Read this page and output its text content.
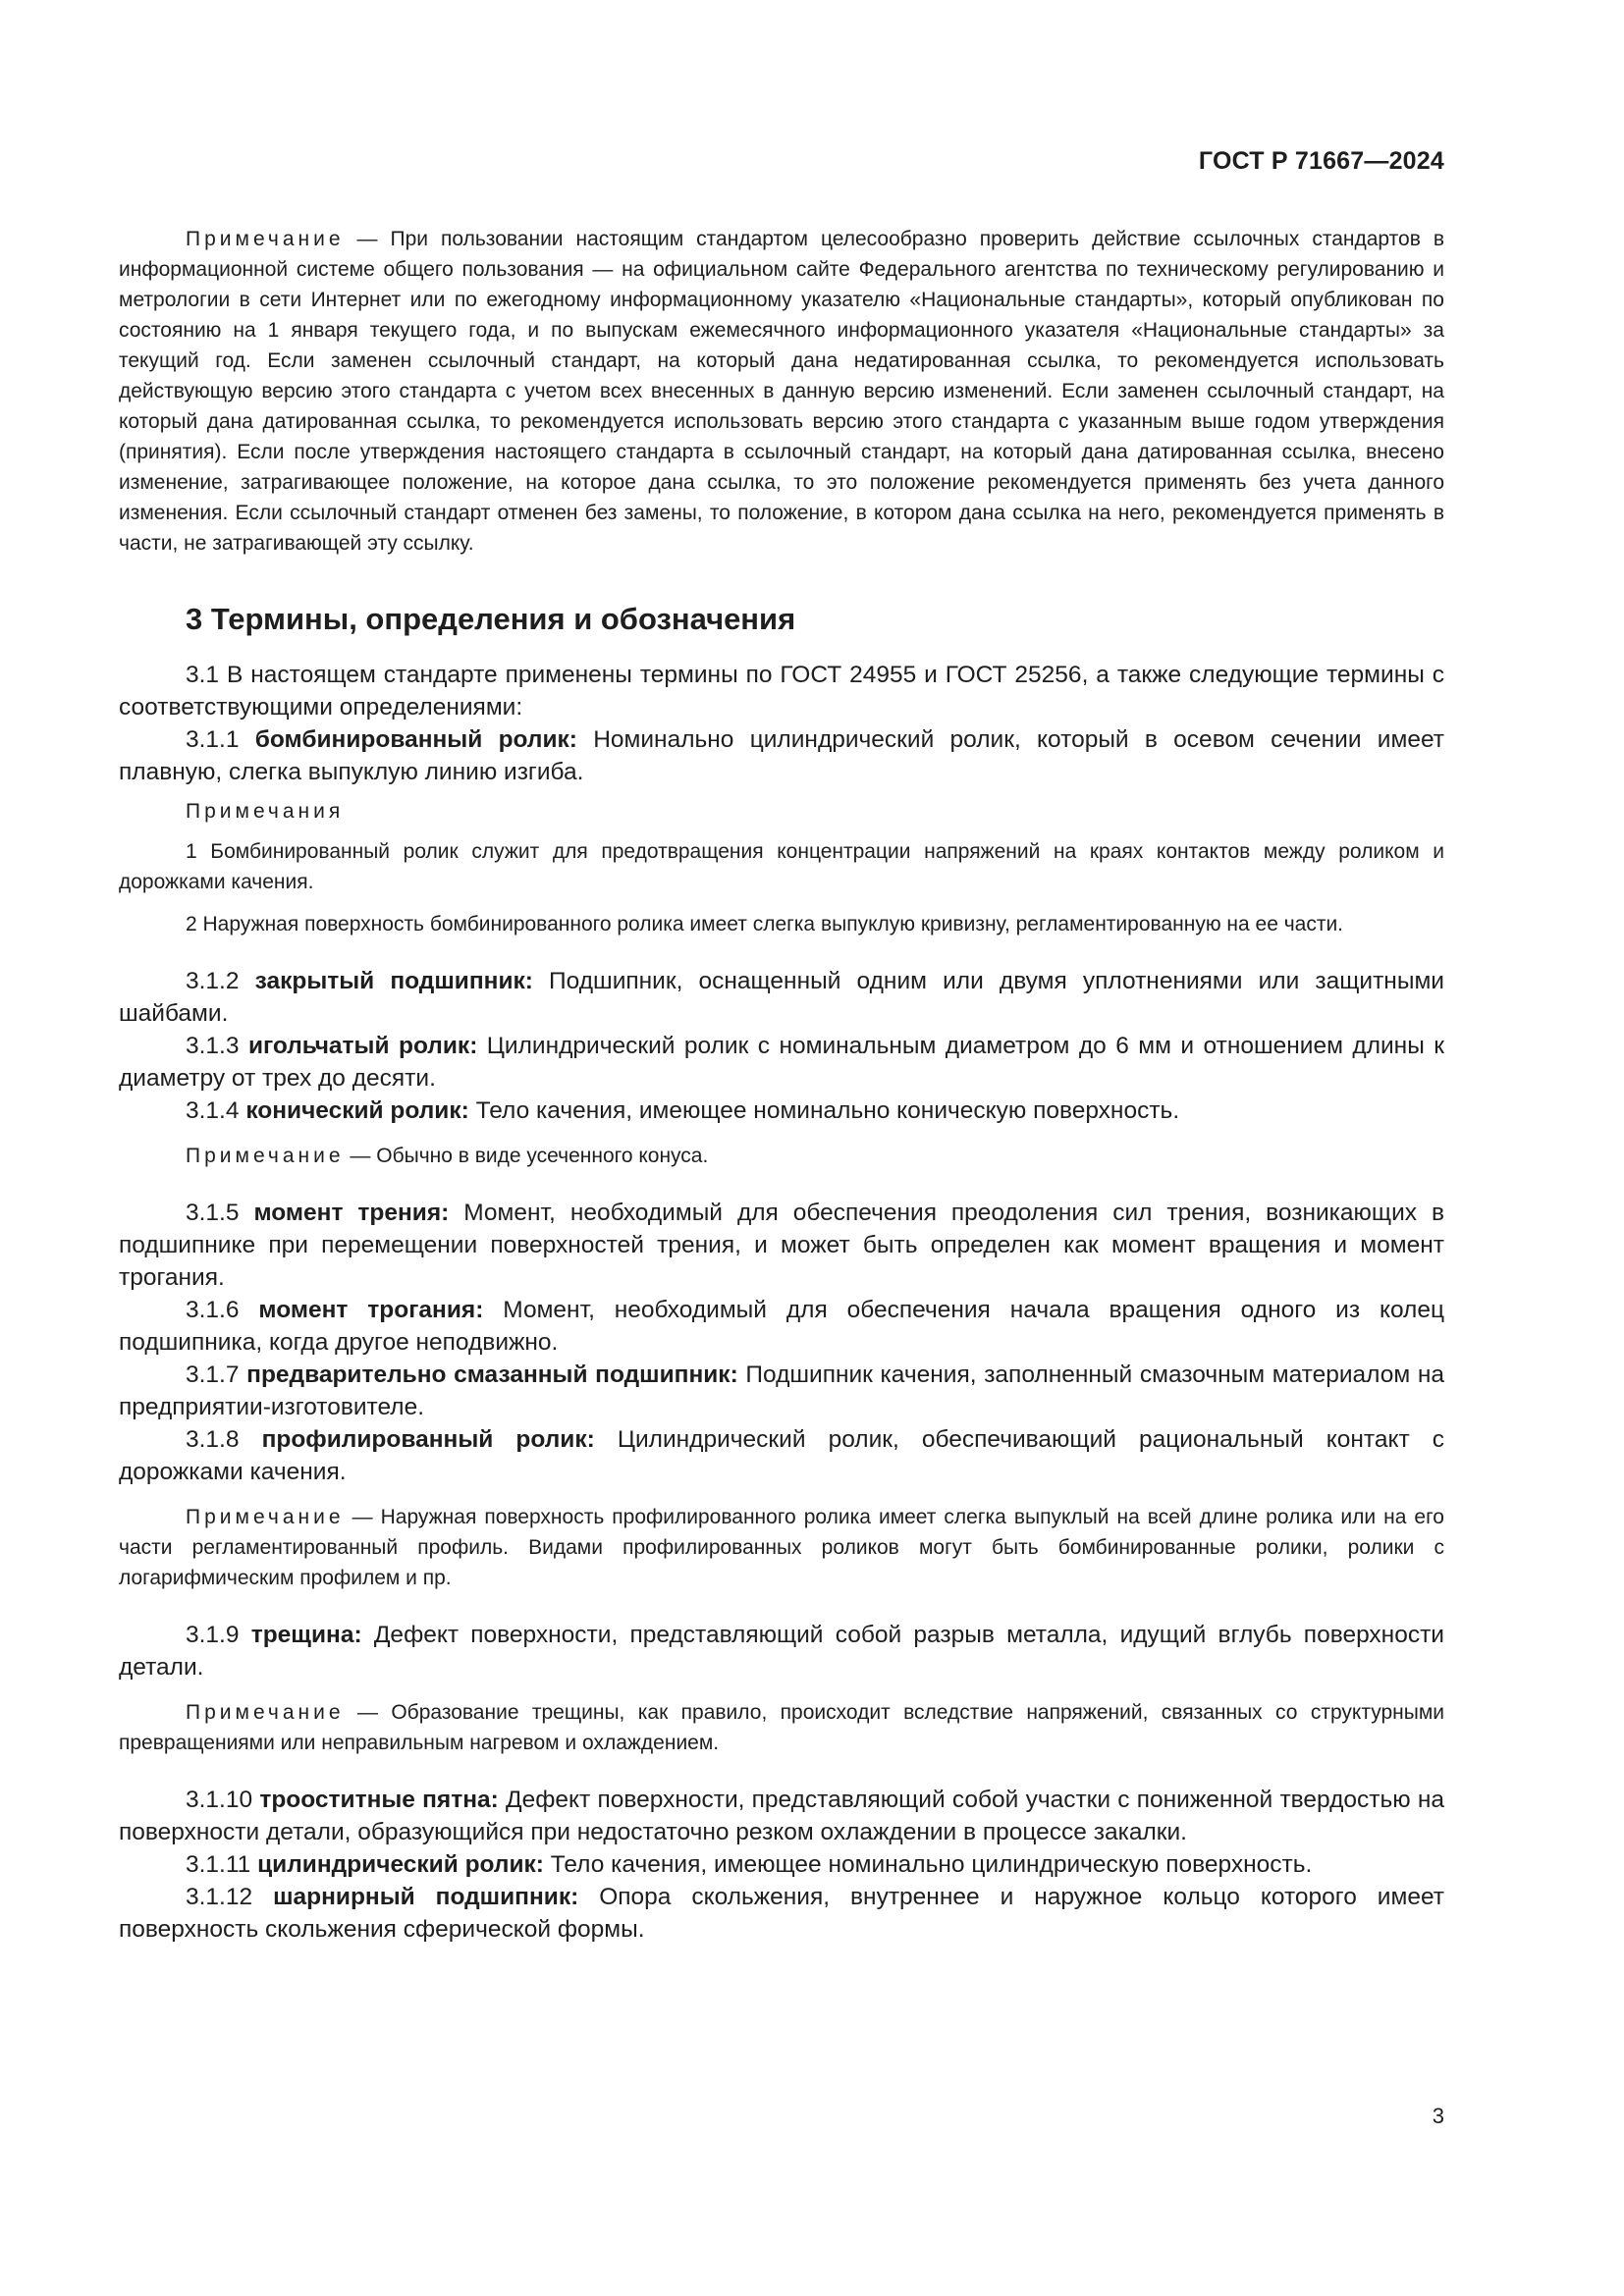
ГОСТ Р 71667—2024

Примечание — При пользовании настоящим стандартом целесообразно проверить действие ссылочных стандартов в информационной системе общего пользования — на официальном сайте Федерального агентства по техническому регулированию и метрологии в сети Интернет или по ежегодному информационному указателю «Национальные стандарты», который опубликован по состоянию на 1 января текущего года, и по выпускам ежемесячного информационного указателя «Национальные стандарты» за текущий год. Если заменен ссылочный стандарт, на который дана недатированная ссылка, то рекомендуется использовать действующую версию этого стандарта с учетом всех внесенных в данную версию изменений. Если заменен ссылочный стандарт, на который дана датированная ссылка, то рекомендуется использовать версию этого стандарта с указанным выше годом утверждения (принятия). Если после утверждения настоящего стандарта в ссылочный стандарт, на который дана датированная ссылка, внесено изменение, затрагивающее положение, на которое дана ссылка, то это положение рекомендуется применять без учета данного изменения. Если ссылочный стандарт отменен без замены, то положение, в котором дана ссылка на него, рекомендуется применять в части, не затрагивающей эту ссылку.

3 Термины, определения и обозначения

3.1 В настоящем стандарте применены термины по ГОСТ 24955 и ГОСТ 25256, а также следующие термины с соответствующими определениями:

3.1.1 бомбинированный ролик: Номинально цилиндрический ролик, который в осевом сечении имеет плавную, слегка выпуклую линию изгиба.

Примечания

1 Бомбинированный ролик служит для предотвращения концентрации напряжений на краях контактов между роликом и дорожками качения.

2 Наружная поверхность бомбинированного ролика имеет слегка выпуклую кривизну, регламентированную на ее части.

3.1.2 закрытый подшипник: Подшипник, оснащенный одним или двумя уплотнениями или защитными шайбами.

3.1.3 игольчатый ролик: Цилиндрический ролик с номинальным диаметром до 6 мм и отношением длины к диаметру от трех до десяти.

3.1.4 конический ролик: Тело качения, имеющее номинально коническую поверхность.

Примечание — Обычно в виде усеченного конуса.

3.1.5 момент трения: Момент, необходимый для обеспечения преодоления сил трения, возникающих в подшипнике при перемещении поверхностей трения, и может быть определен как момент вращения и момент трогания.

3.1.6 момент трогания: Момент, необходимый для обеспечения начала вращения одного из колец подшипника, когда другое неподвижно.

3.1.7 предварительно смазанный подшипник: Подшипник качения, заполненный смазочным материалом на предприятии-изготовителе.

3.1.8 профилированный ролик: Цилиндрический ролик, обеспечивающий рациональный контакт с дорожками качения.

Примечание — Наружная поверхность профилированного ролика имеет слегка выпуклый на всей длине ролика или на его части регламентированный профиль. Видами профилированных роликов могут быть бомбинированные ролики, ролики с логарифмическим профилем и пр.

3.1.9 трещина: Дефект поверхности, представляющий собой разрыв металла, идущий вглубь поверхности детали.

Примечание — Образование трещины, как правило, происходит вследствие напряжений, связанных со структурными превращениями или неправильным нагревом и охлаждением.

3.1.10 трооститные пятна: Дефект поверхности, представляющий собой участки с пониженной твердостью на поверхности детали, образующийся при недостаточно резком охлаждении в процессе закалки.

3.1.11 цилиндрический ролик: Тело качения, имеющее номинально цилиндрическую поверхность.

3.1.12 шарнирный подшипник: Опора скольжения, внутреннее и наружное кольцо которого имеет поверхность скольжения сферической формы.

3
